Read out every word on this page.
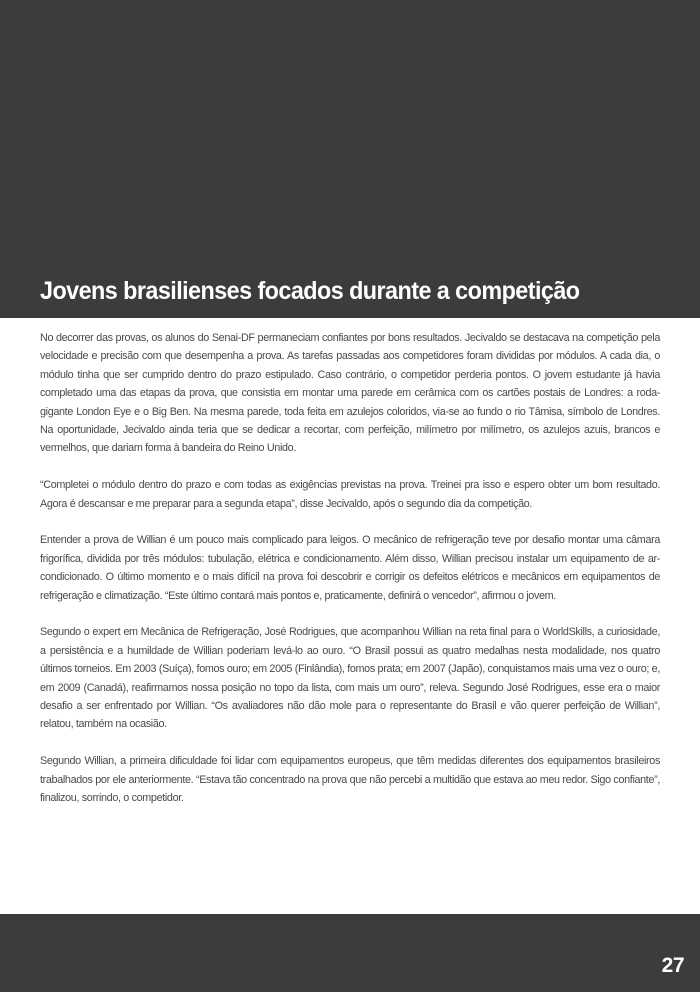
Jovens brasilienses focados durante a competição

No decorrer das provas, os alunos do Senai-DF permaneciam confiantes por bons resultados. Jecivaldo se destacava na competição pela velocidade e precisão com que desempenha a prova. As tarefas passadas aos competidores foram divididas por módulos. A cada dia, o módulo tinha que ser cumprido dentro do prazo estipulado. Caso contrário, o competidor perderia pontos. O jovem estudante já havia completado uma das etapas da prova, que consistia em montar uma parede em cerâmica com os cartões postais de Londres: a roda-gigante London Eye e o Big Ben. Na mesma parede, toda feita em azulejos coloridos, via-se ao fundo o rio Tâmisa, símbolo de Londres. Na oportunidade, Jecivaldo ainda teria que se dedicar a recortar, com perfeição, milímetro por milímetro, os azulejos azuis, brancos e vermelhos, que dariam forma à bandeira do Reino Unido.

“Completei o módulo dentro do prazo e com todas as exigências previstas na prova. Treinei pra isso e espero obter um bom resultado. Agora é descansar e me preparar para a segunda etapa”, disse Jecivaldo, após o segundo dia da competição.

Entender a prova de Willian é um pouco mais complicado para leigos. O mecânico de refrigeração teve por desafio montar uma câmara frigorífica, dividida por três módulos: tubulação, elétrica e condicionamento. Além disso, Willian precisou instalar um equipamento de ar-condicionado. O último momento e o mais difícil na prova foi descobrir e corrigir os defeitos elétricos e mecânicos em equipamentos de refrigeração e climatização. “Este último contará mais pontos e, praticamente, definirá o vencedor”, afirmou o jovem.

Segundo o expert em Mecânica de Refrigeração, José Rodrigues, que acompanhou Willian na reta final para o WorldSkills, a curiosidade, a persistência e a humildade de Willian poderiam levá-lo ao ouro. “O Brasil possui as quatro medalhas nesta modalidade, nos quatro últimos torneios. Em 2003 (Suíça), fomos ouro; em 2005 (Finlândia), fomos prata; em 2007 (Japão), conquistamos mais uma vez o ouro; e, em 2009 (Canadá), reafirmamos nossa posição no topo da lista, com mais um ouro”, releva. Segundo José Rodrigues, esse era o maior desafio a ser enfrentado por Willian. “Os avaliadores não dão mole para o representante do Brasil e vão querer perfeição de Willian”, relatou, também na ocasião.

Segundo Willian, a primeira dificuldade foi lidar com equipamentos europeus, que têm medidas diferentes dos equipamentos brasileiros trabalhados por ele anteriormente. “Estava tão concentrado na prova que não percebi a multidão que estava ao meu redor. Sigo confiante”, finalizou, sorrindo, o competidor.

27
